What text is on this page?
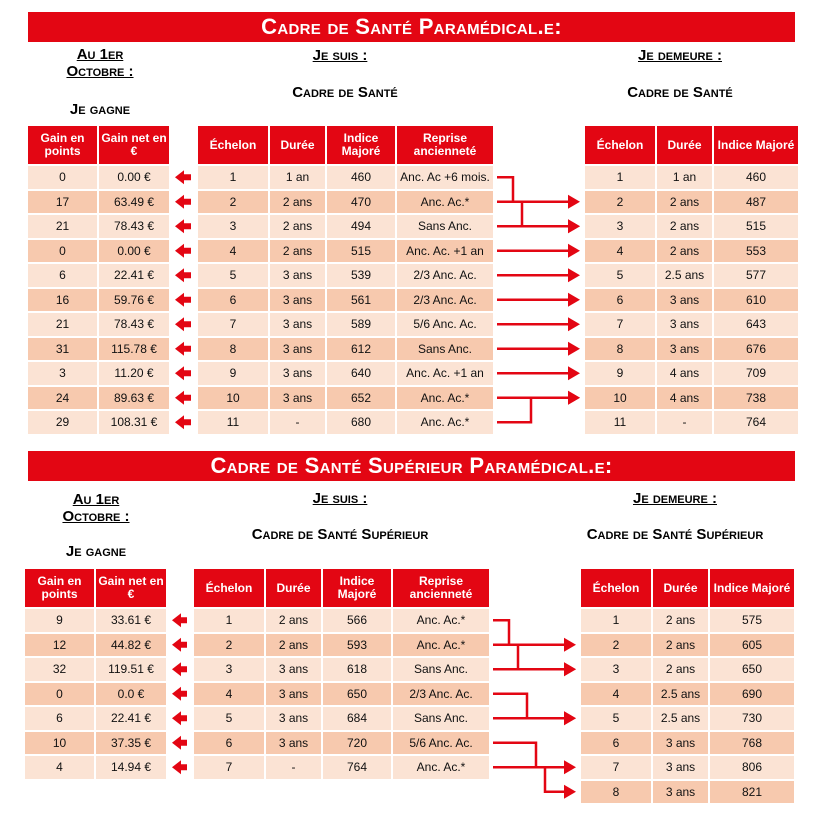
Cadre de Santé Paramédical.e:
Au 1er
Octobre :
Je gagne
Je suis :
Cadre de Santé
Je demeure :
Cadre de Santé
Gain en points	Gain net en €
0	0.00 €
17	63.49 €
21	78.43 €
0	0.00 €
6	22.41 €
16	59.76 €
21	78.43 €
31	115.78 €
3	11.20 €
24	89.63 €
29	108.31 €
Échelon	Durée	Indice Majoré	Reprise ancienneté
1	1 an	460	Anc. Ac +6 mois.
2	2 ans	470	Anc. Ac.*
3	2 ans	494	Sans Anc.
4	2 ans	515	Anc. Ac. +1 an
5	3 ans	539	2/3 Anc. Ac.
6	3 ans	561	2/3 Anc. Ac.
7	3 ans	589	5/6 Anc. Ac.
8	3 ans	612	Sans Anc.
9	3 ans	640	Anc. Ac. +1 an
10	3 ans	652	Anc. Ac.*
11	-	680	Anc. Ac.*
Échelon	Durée	Indice Majoré
1	1 an	460
2	2 ans	487
3	2 ans	515
4	2 ans	553
5	2.5 ans	577
6	3 ans	610
7	3 ans	643
8	3 ans	676
9	4 ans	709
10	4 ans	738
11	-	764
Cadre de Santé Supérieur Paramédical.e:
Au 1er
Octobre :
Je gagne
Je suis :
Cadre de Santé Supérieur
Je demeure :
Cadre de Santé Supérieur
Gain en points	Gain net en €
9	33.61 €
12	44.82 €
32	119.51 €
0	0.0 €
6	22.41 €
10	37.35 €
4	14.94 €
Échelon	Durée	Indice Majoré	Reprise ancienneté
1	2 ans	566	Anc. Ac.*
2	2 ans	593	Anc. Ac.*
3	3 ans	618	Sans Anc.
4	3 ans	650	2/3 Anc. Ac.
5	3 ans	684	Sans Anc.
6	3 ans	720	5/6 Anc. Ac.
7	-	764	Anc. Ac.*
Échelon	Durée	Indice Majoré
1	2 ans	575
2	2 ans	605
3	2 ans	650
4	2.5 ans	690
5	2.5 ans	730
6	3 ans	768
7	3 ans	806
8	3 ans	821
